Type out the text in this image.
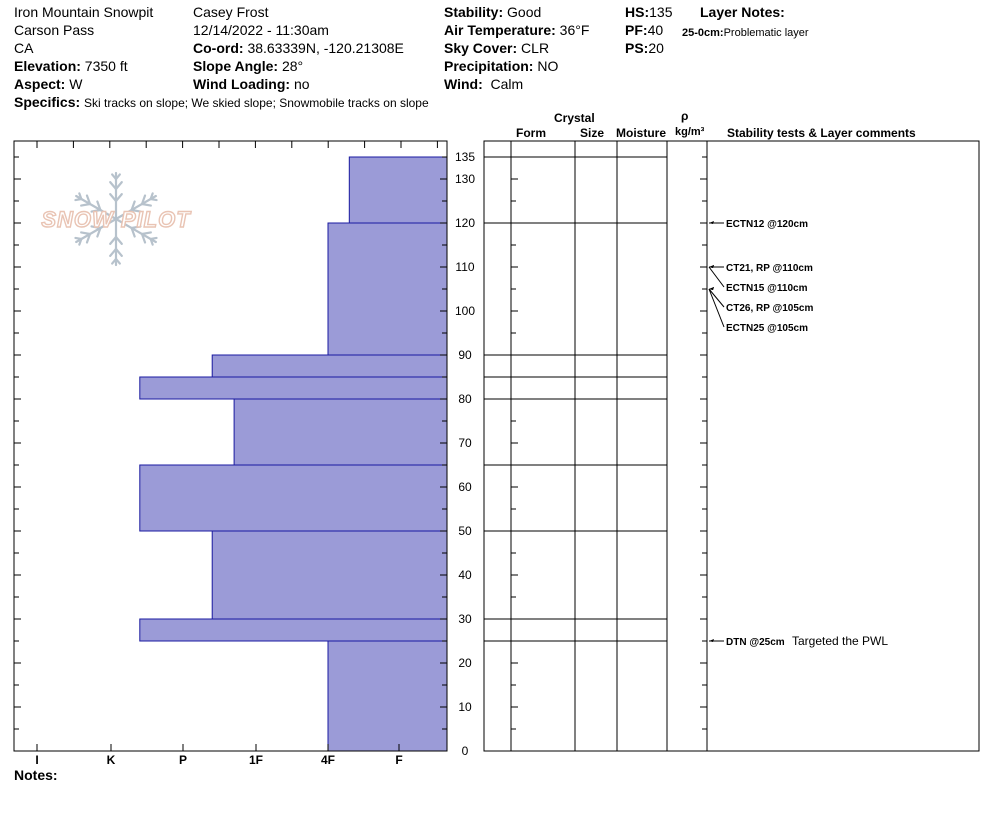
Iron Mountain Snowpit
Carson Pass
CA
Elevation: 7350 ft
Aspect: W
Specifics: Ski tracks on slope; We skied slope; Snowmobile tracks on slope
Casey Frost
12/14/2022 - 11:30am
Co-ord: 38.63339N, -120.21308E
Slope Angle: 28°
Wind Loading: no
Stability: Good
Air Temperature: 36°F
Sky Cover: CLR
Precipitation: NO
Wind: Calm
HS:135
PF:40
PS:20
Layer Notes:
25-0cm:Problematic layer
Crystal
Form	Size Moisture
ρ
kg/m³ Stability tests & Layer comments
0
10
20
30
40
50
60
70
80
90
100
110
120
130
135
I	K	P	1F	4F	F
ECTN12 @120cm
CT21, RP @110cm
ECTN15 @110cm
CT26, RP @105cm
ECTN25 @105cm
DTN @25cm Targeted the PWL
SNOW PILOT
Notes:
